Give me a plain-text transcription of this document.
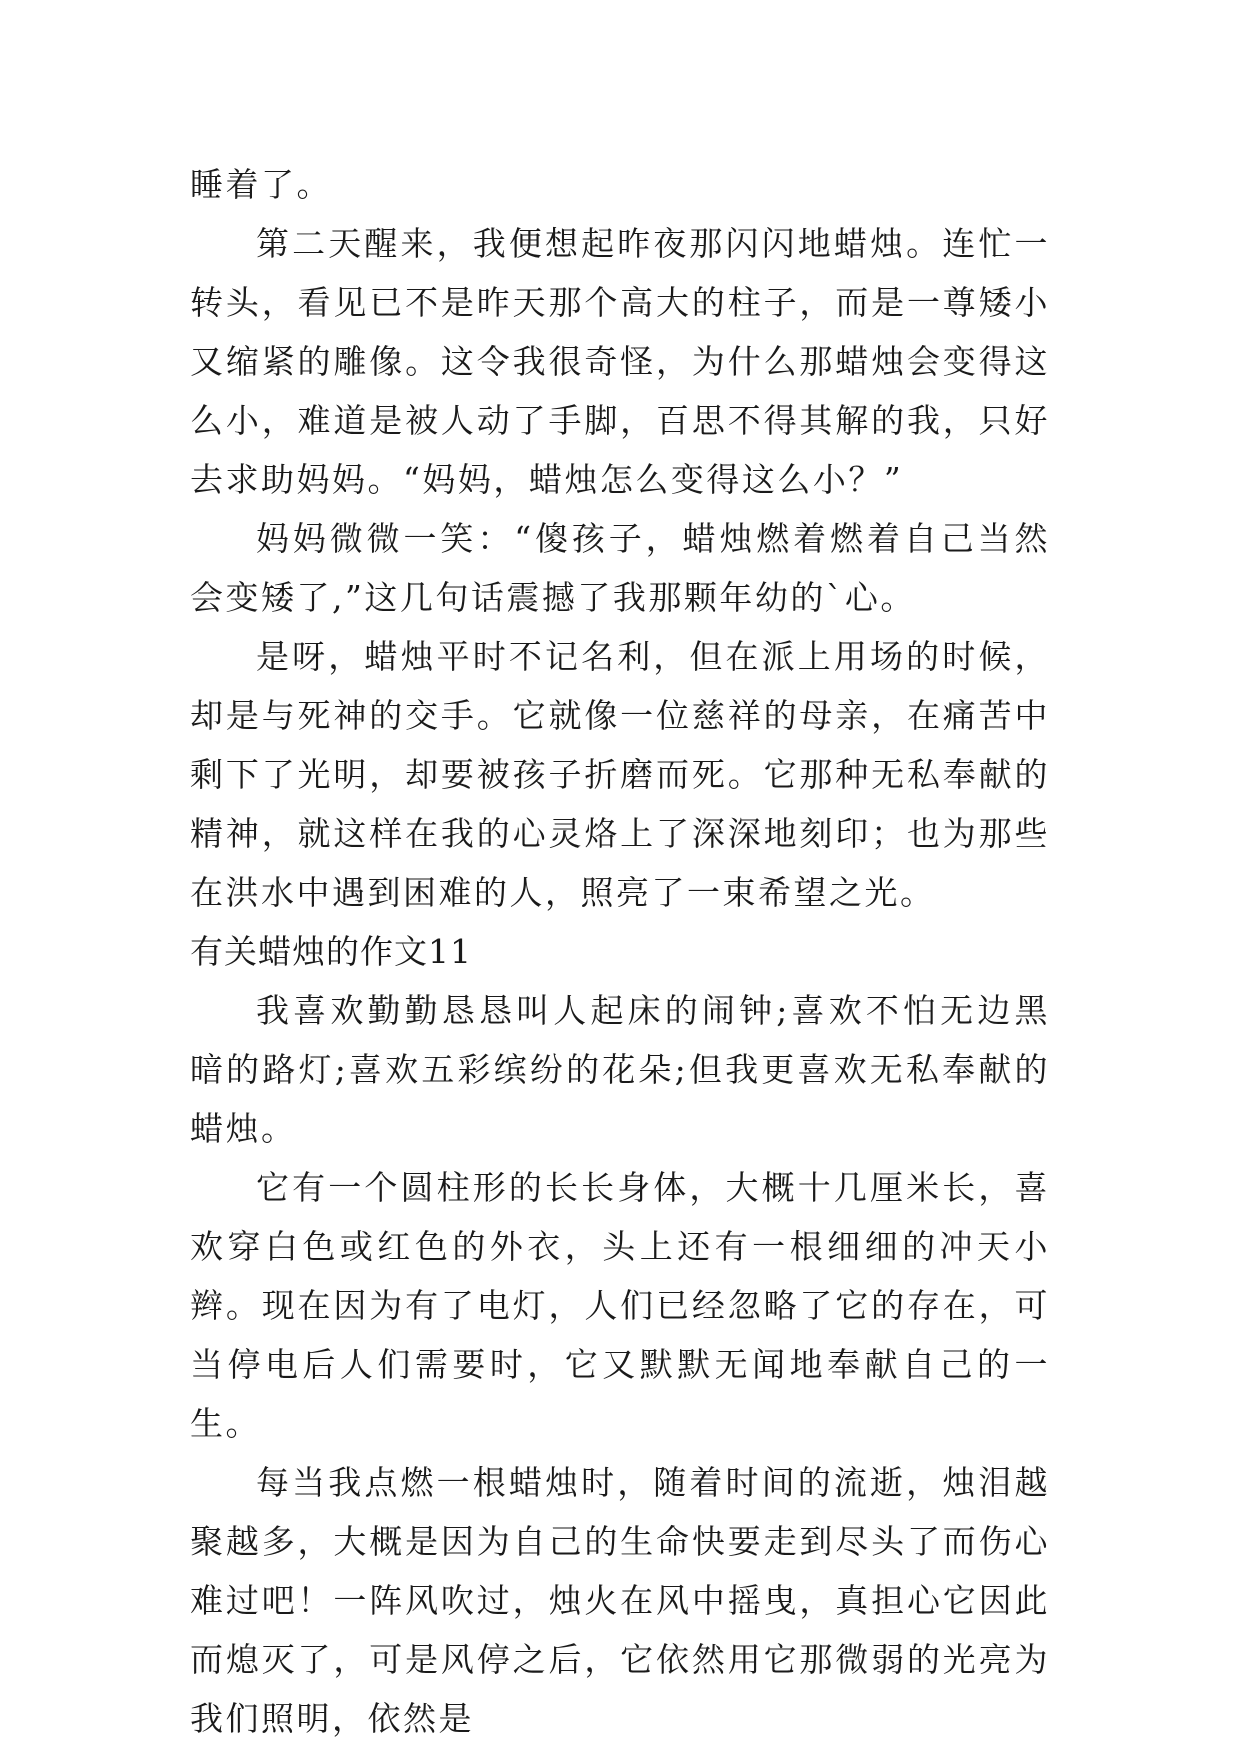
睡着了。

第二天醒来，我便想起昨夜那闪闪地蜡烛。连忙一转头，看见已不是昨天那个高大的柱子，而是一尊矮小又缩紧的雕像。这令我很奇怪，为什么那蜡烛会变得这么小，难道是被人动了手脚，百思不得其解的我，只好去求助妈妈。“妈妈，蜡烛怎么变得这么小？”

妈妈微微一笑：“傻孩子，蜡烛燃着燃着自己当然会变矮了,”这几句话震撼了我那颗年幼的`心。

是呀，蜡烛平时不记名利，但在派上用场的时候，却是与死神的交手。它就像一位慈祥的母亲，在痛苦中剩下了光明，却要被孩子折磨而死。它那种无私奉献的精神，就这样在我的心灵烙上了深深地刻印；也为那些在洪水中遇到困难的人，照亮了一束希望之光。

有关蜡烛的作文11

我喜欢勤勤恳恳叫人起床的闹钟;喜欢不怕无边黑暗的路灯;喜欢五彩缤纷的花朵;但我更喜欢无私奉献的蜡烛。

它有一个圆柱形的长长身体，大概十几厘米长，喜欢穿白色或红色的外衣，头上还有一根细细的冲天小辫。现在因为有了电灯，人们已经忽略了它的存在，可当停电后人们需要时，它又默默无闻地奉献自己的一生。

每当我点燃一根蜡烛时，随着时间的流逝，烛泪越聚越多，大概是因为自己的生命快要走到尽头了而伤心难过吧！一阵风吹过，烛火在风中摇曳，真担心它因此而熄灭了，可是风停之后，它依然用它那微弱的光亮为我们照明，依然是
